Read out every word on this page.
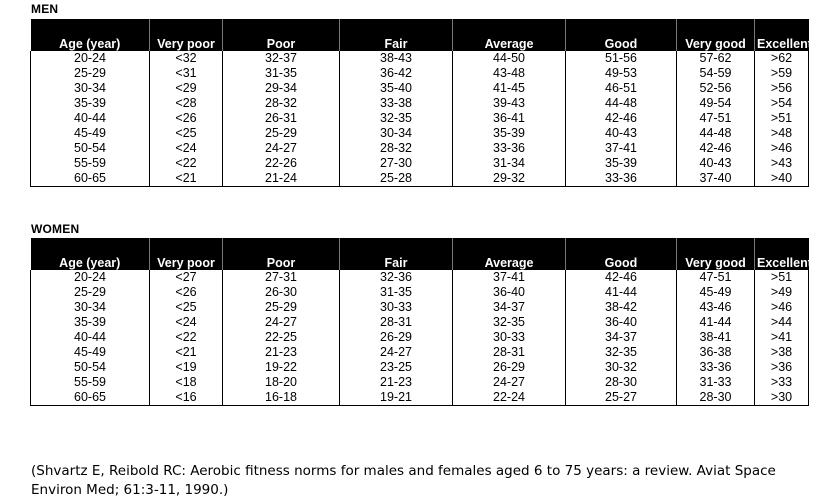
MEN
Age (year)	Very poor	Poor	Fair	Average	Good	Very good	Excellent
20-24	<32	32-37	38-43	44-50	51-56	57-62	>62
25-29	<31	31-35	36-42	43-48	49-53	54-59	>59
30-34	<29	29-34	35-40	41-45	46-51	52-56	>56
35-39	<28	28-32	33-38	39-43	44-48	49-54	>54
40-44	<26	26-31	32-35	36-41	42-46	47-51	>51
45-49	<25	25-29	30-34	35-39	40-43	44-48	>48
50-54	<24	24-27	28-32	33-36	37-41	42-46	>46
55-59	<22	22-26	27-30	31-34	35-39	40-43	>43
60-65	<21	21-24	25-28	29-32	33-36	37-40	>40
WOMEN
Age (year)	Very poor	Poor	Fair	Average	Good	Very good	Excellent
20-24	<27	27-31	32-36	37-41	42-46	47-51	>51
25-29	<26	26-30	31-35	36-40	41-44	45-49	>49
30-34	<25	25-29	30-33	34-37	38-42	43-46	>46
35-39	<24	24-27	28-31	32-35	36-40	41-44	>44
40-44	<22	22-25	26-29	30-33	34-37	38-41	>41
45-49	<21	21-23	24-27	28-31	32-35	36-38	>38
50-54	<19	19-22	23-25	26-29	30-32	33-36	>36
55-59	<18	18-20	21-23	24-27	28-30	31-33	>33
60-65	<16	16-18	19-21	22-24	25-27	28-30	>30
(Shvartz E, Reibold RC: Aerobic fitness norms for males and females aged 6 to 75 years: a review. Aviat Space Environ Med; 61:3-11, 1990.)
